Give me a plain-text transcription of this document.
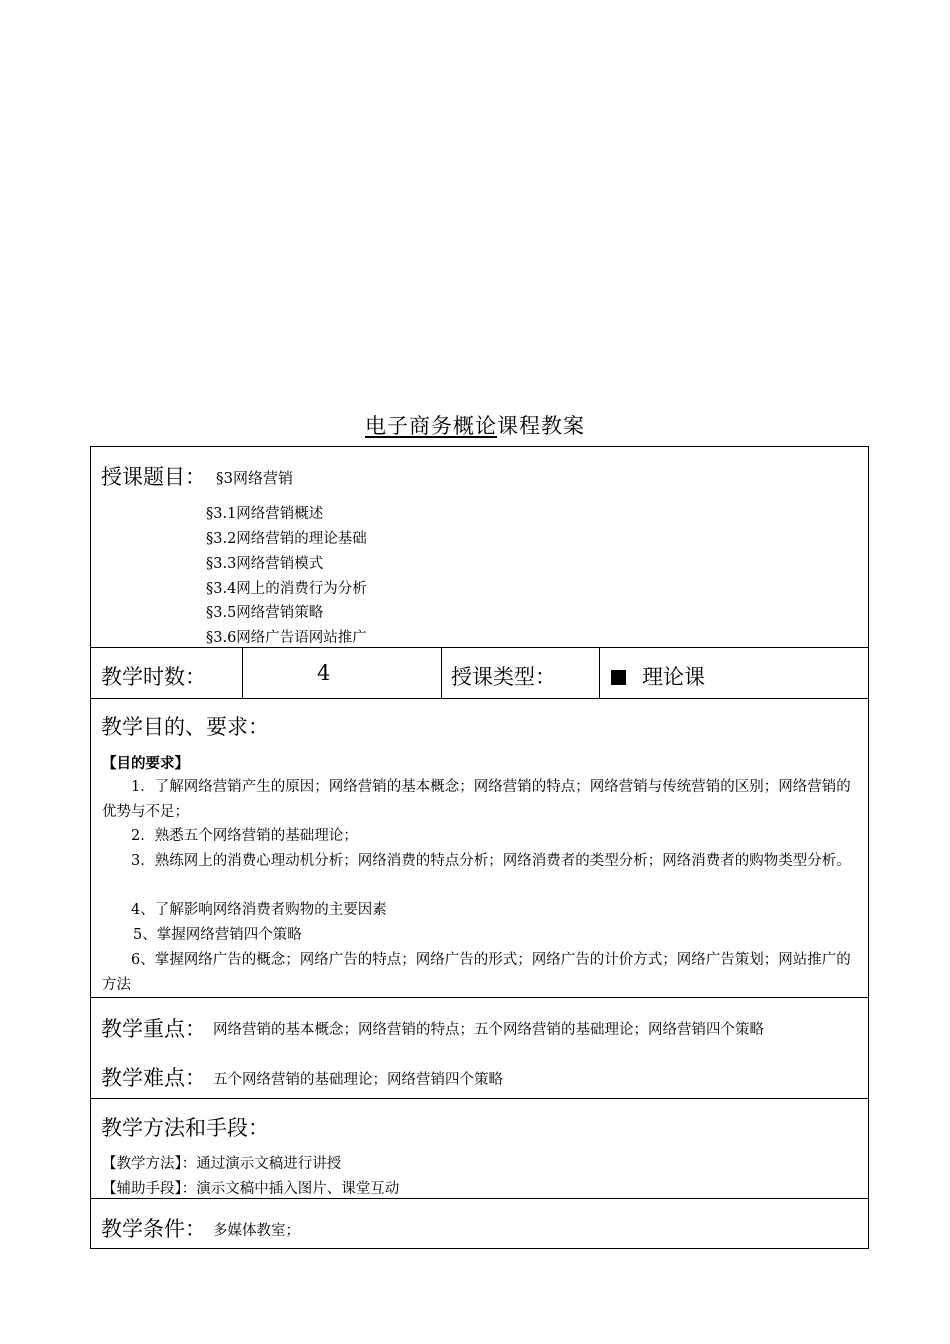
电子商务概论课程教案
授课题目： §3网络营销
§3.1网络营销概述
§3.2网络营销的理论基础
§3.3网络营销模式
§3.4网上的消费行为分析
§3.5网络营销策略
§3.6网络广告语网站推广
教学时数：	4	授课类型：	理论课
教学目的、要求：
【目的要求】
1．了解网络营销产生的原因；网络营销的基本概念；网络营销的特点；网络营销与传统营销的区别；网络营销的优势与不足；
2．熟悉五个网络营销的基础理论；
3．熟练网上的消费心理动机分析；网络消费的特点分析；网络消费者的类型分析；网络消费者的购物类型分析。
4、了解影响网络消费者购物的主要因素
5、掌握网络营销四个策略
6、掌握网络广告的概念；网络广告的特点；网络广告的形式；网络广告的计价方式；网络广告策划；网站推广的方法
教学重点： 网络营销的基本概念；网络营销的特点；五个网络营销的基础理论；网络营销四个策略
教学难点： 五个网络营销的基础理论；网络营销四个策略
教学方法和手段：
【教学方法】：通过演示文稿进行讲授
【辅助手段】：演示文稿中插入图片、课堂互动
教学条件： 多媒体教室；
